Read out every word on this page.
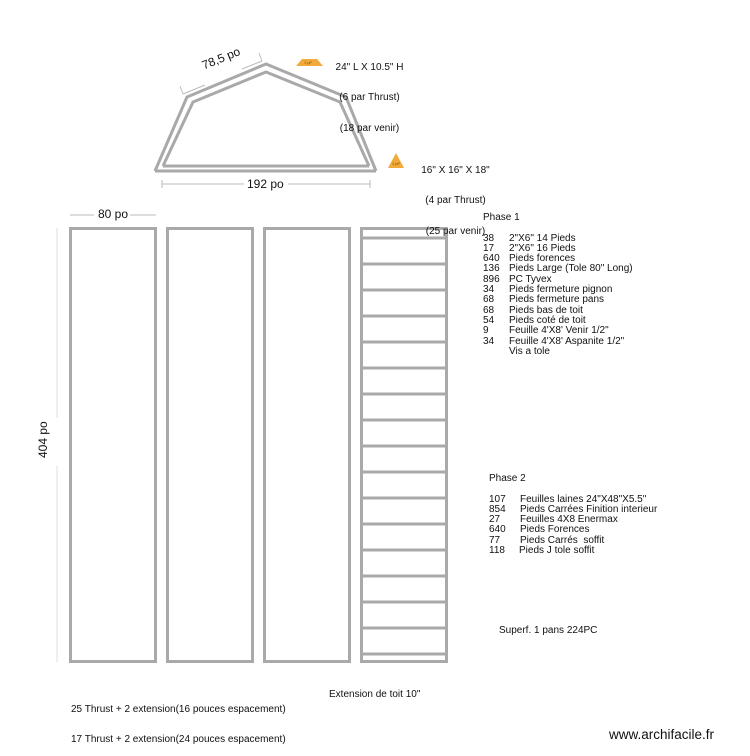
78,5 po
192 po
80 po
404 po
1 pi²
1 pi²

24" L X 10.5" H

(6 par Thrust)

(18 par venir)

16" X 16" X 18"

(4 par Thrust)

(25 par venir)

Phase 1
38	2"X6" 14 Pieds
17	2"X6" 16 Pieds
640 Pieds forences
136 Pieds Large (Tole 80" Long)
896 PC Tyvex
34	Pieds fermeture pignon
68	Pieds fermeture pans
68	Pieds bas de toit
54	Pieds coté de toit
9	Feuille 4'X8' Venir 1/2"
34	Feuille 4'X8' Aspanite 1/2"
Vis a tole
Phase 2
107	Feuilles laines 24"X48"X5.5"
854	Pieds Carrées Finition interieur
27	Feuilles 4X8 Enermax
640	Pieds Forences
77	Pieds Carrés  soffit
118	Pieds J tole soffit
Superf. 1 pans 224PC

25 Thrust + 2 extension(16 pouces espacement)

17 Thrust + 2 extension(24 pouces espacement)

Extension de toit 10"
www.archifacile.fr
